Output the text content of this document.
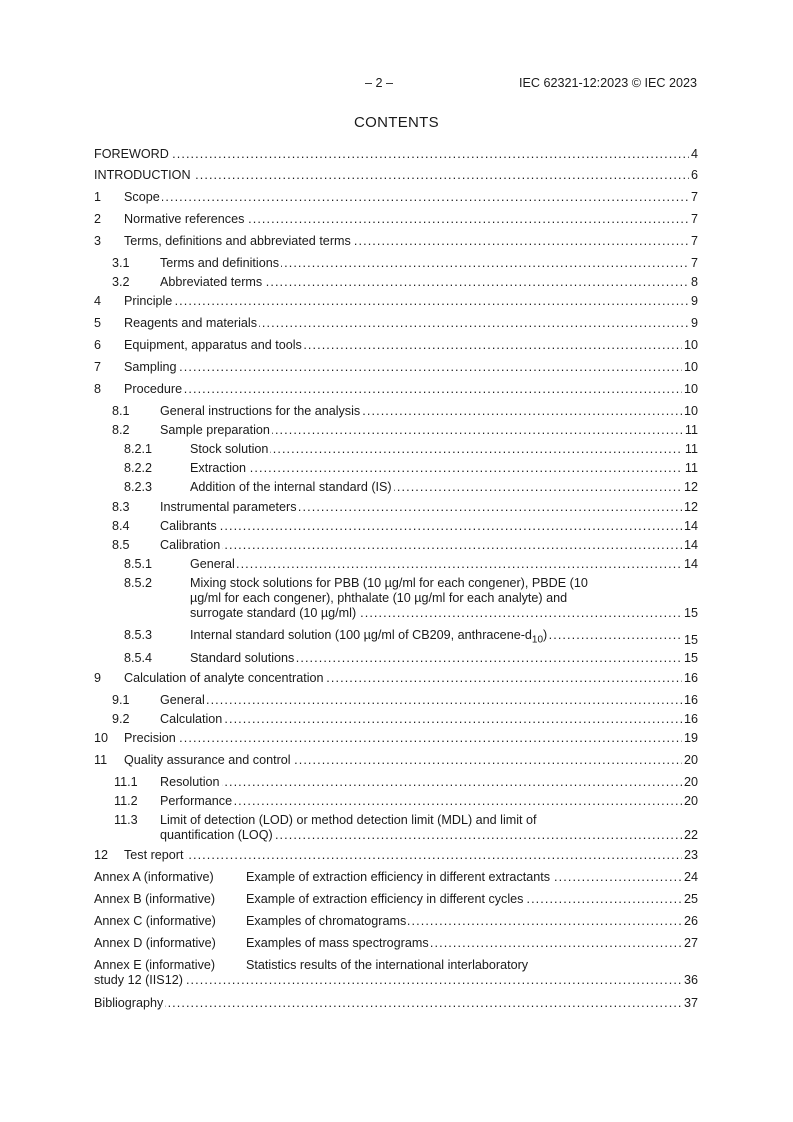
– 2 –	IEC 62321-12:2023 © IEC 2023
CONTENTS
FOREWORD	4
. . .
INTRODUCTION	6
. . .
1 Scope	7
. . .
2 Normative references	7
. . .
3 Terms, definitions and abbreviated terms	7
. . .
3.1 Terms and definitions	7
. . .
3.2 Abbreviated terms	8
. . .
4 Principle	9
. . .
5 Reagents and materials	9
. . .
6 Equipment, apparatus and tools	10
. . .
7 Sampling	10
. . .
8 Procedure	10
. . .
8.1 General instructions for the analysis	10
. . .
8.2 Sample preparation	11
. . .
8.2.1	Stock solution	11
. . .
8.2.2	Extraction	11
. . .
8.2.3	Addition of the internal standard (IS)	12
. . .
8.3 Instrumental parameters	12
. . .
8.4 Calibrants	14
. . .
8.5 Calibration	14
. . .
8.5.1	General	14
. . .
8.5.2	Mixing stock solutions for PBB (10 µg/ml for each congener), PBDE (10
µg/ml for each congener), phthalate (10 µg/ml for each analyte) and
surrogate standard (10 µg/ml)	15
. . .
8.5.3	Internal standard solution (100 µg/ml of CB209, anthracene-$d_{10}$)	15
. . .
8.5.4	Standard solutions	15
. . .
9 Calculation of analyte concentration	16
. . .
9.1 General	16
. . .
9.2 Calculation	16
. . .
10 Precision	19
. . .
11 Quality assurance and control	20
. . .
11.1 Resolution	20
. . .
11.2 Performance	20
. . .
11.3 Limit of detection (LOD) or method detection limit (MDL) and limit of
quantification (LOQ)	22
. . .
12 Test report	23
. . .
Annex A (informative)	Example of extraction efficiency in different extractants	24
. . .
Annex B (informative) Example of extraction efficiency in different cycles	25
. . .
Annex C (informative) Examples of chromatograms	26
. . .
Annex D (informative) Examples of mass spectrograms	27
. . .
Annex E (informative) Statistics results of the international interlaboratory
study 12 (IIS12)	36
. . .
Bibliography	37
. . .
